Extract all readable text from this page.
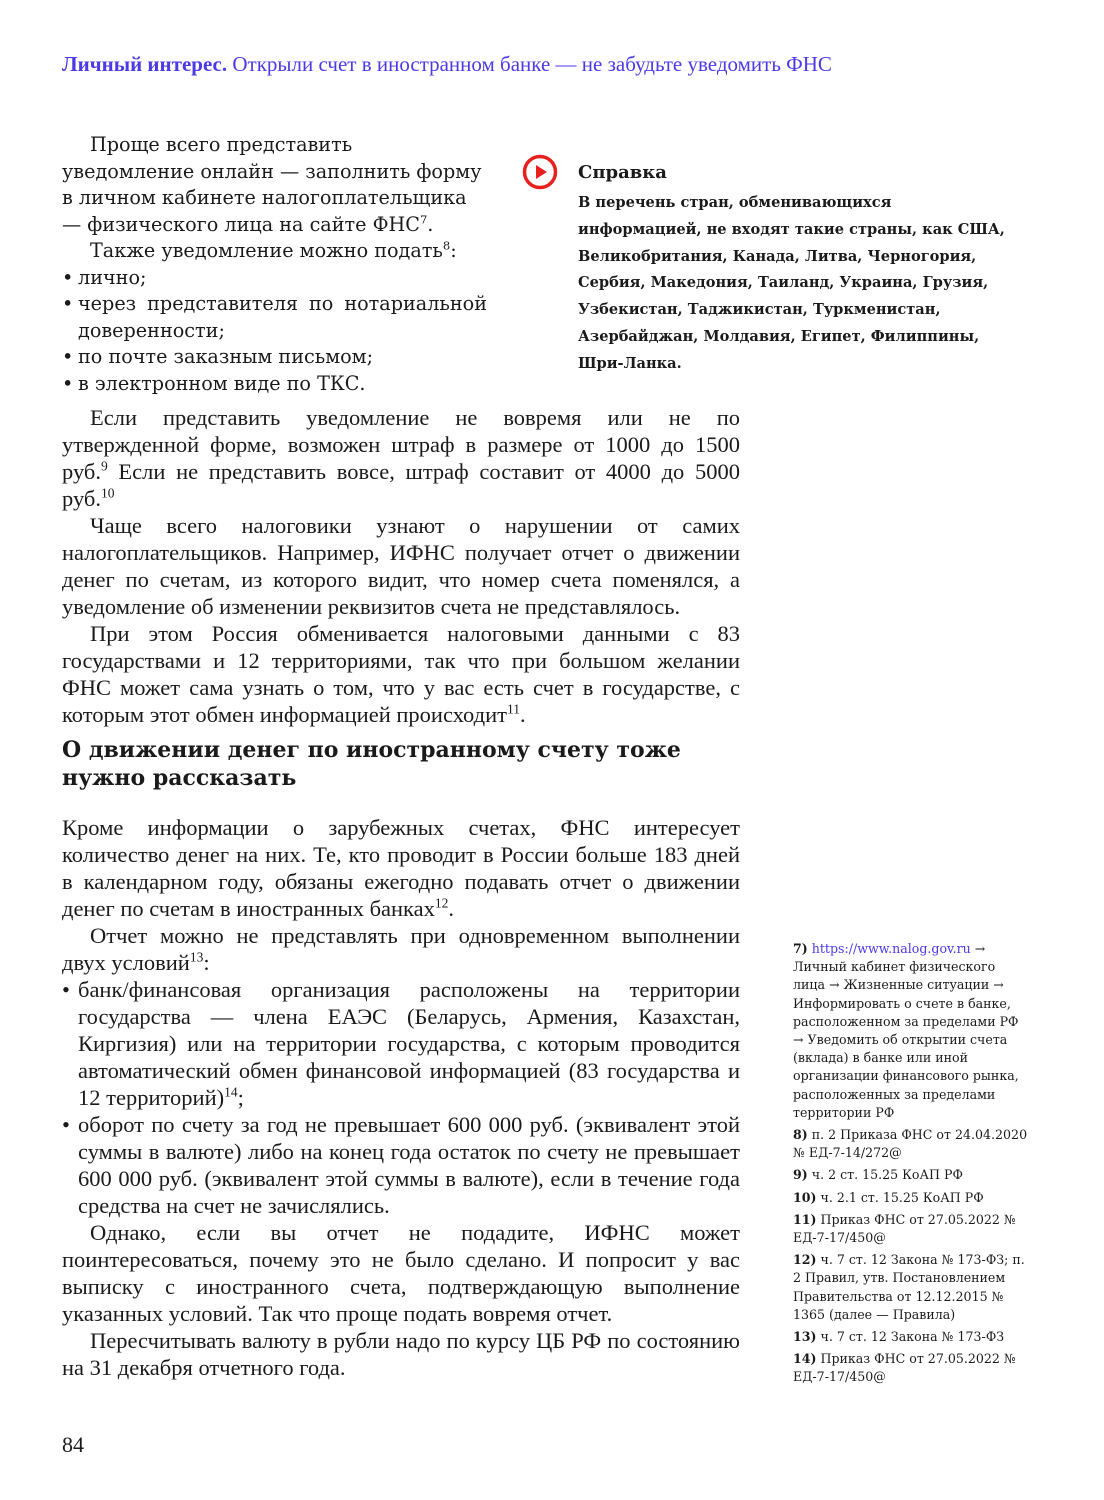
Личный интерес. Открыли счет в иностранном банке — не забудьте уведомить ФНС

Проще всего представить уведомление онлайн — заполнить форму в личном кабинете налогоплательщика — физического лица на сайте ФНС$^7$.

Также уведомление можно подать$^8$:

• лично;

• через представителя по нотариальной доверенности;

• по почте заказным письмом;

• в электронном виде по ТКС.

Справка
В перечень стран, обменивающихся информацией, не входят такие страны, как США, Великобритания, Канада, Литва, Черногория, Сербия, Македония, Таиланд, Украина, Грузия, Узбекистан, Таджикистан, Туркменистан, Азербайджан, Молдавия, Египет, Филиппины, Шри-Ланка.

Если представить уведомление не вовремя или не по утвержденной форме, возможен штраф в размере от 1000 до 1500 руб.$^9$ Если не представить вовсе, штраф составит от 4000 до 5000 руб.$^{10}$

Чаще всего налоговики узнают о нарушении от самих налогоплательщиков. Например, ИФНС получает отчет о движении денег по счетам, из которого видит, что номер счета поменялся, а уведомление об изменении реквизитов счета не представлялось.

При этом Россия обменивается налоговыми данными с 83 государствами и 12 территориями, так что при большом желании ФНС может сама узнать о том, что у вас есть счет в государстве, с которым этот обмен информацией происходит$^{11}$.

О движении денег по иностранному счету тоже нужно рассказать

Кроме информации о зарубежных счетах, ФНС интересует количество денег на них. Те, кто проводит в России больше 183 дней в календарном году, обязаны ежегодно подавать отчет о движении денег по счетам в иностранных банках$^{12}$.

Отчет можно не представлять при одновременном выполнении двух условий$^{13}$:

• банк/финансовая организация расположены на территории государства — члена ЕАЭС (Беларусь, Армения, Казахстан, Киргизия) или на территории государства, с которым проводится автоматический обмен финансовой информацией (83 государства и 12 территорий)$^{14}$;

• оборот по счету за год не превышает 600 000 руб. (эквивалент этой суммы в валюте) либо на конец года остаток по счету не превышает 600 000 руб. (эквивалент этой суммы в валюте), если в течение года средства на счет не зачислялись.

Однако, если вы отчет не подадите, ИФНС может поинтересоваться, почему это не было сделано. И попросит у вас выписку с иностранного счета, подтверждающую выполнение указанных условий. Так что проще подать вовремя отчет.

Пересчитывать валюту в рубли надо по курсу ЦБ РФ по состоянию на 31 декабря отчетного года.

7) https://www.nalog.gov.ru → Личный кабинет физического лица → Жизненные ситуации → Информировать о счете в банке, расположенном за пределами РФ → Уведомить об открытии счета (вклада) в банке или иной организации финансового рынка, расположенных за пределами территории РФ
8) п. 2 Приказа ФНС от 24.04.2020 № ЕД-7-14/272@
9) ч. 2 ст. 15.25 КоАП РФ
10) ч. 2.1 ст. 15.25 КоАП РФ
11) Приказ ФНС от 27.05.2022 № ЕД-7-17/450@
12) ч. 7 ст. 12 Закона № 173-ФЗ; п. 2 Правил, утв. Постановлением Правительства от 12.12.2015 № 1365 (далее — Правила)
13) ч. 7 ст. 12 Закона № 173-ФЗ
14) Приказ ФНС от 27.05.2022 № ЕД-7-17/450@
84
